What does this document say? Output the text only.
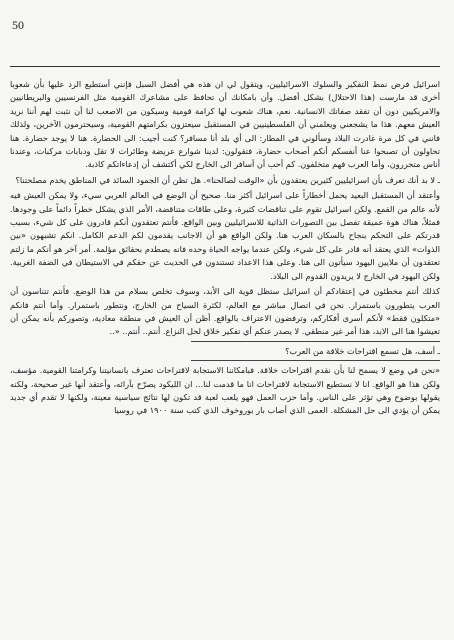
50

اسرائيل فرض نمط التفكير والسلوك الاسرائيليين، ويتقول لي ان هذه هي أفضل السبل فإنني أستطيع الرد عليها بأن شعوبا أخرى قد مارست (هذا الاحتلال) بشكل أفضل. وأن بامكانك أن تحافظ على مشاعرك القومية مثل الفرنسيين والبريطانيين والامريكيين دون أن تفقد صفاتك الانسانية. نعم، هناك شعوب لها كرامة قومية وسيكون من الاصعب لنا أن نثبت لهم أننا نريد العيش معهم. هذا ما يشجعني ويعلمني أن الفلسطينيين في المستقبل سيعتزون بكرامتهم القومية، وسيحترمون الآخرين، ولذلك فانني في كل مرة غادرت البلاد وسألوني في المطار: الى أي بلد أنا مسافر؟ كنت أجيب: الى الحضارة. هنا لا يوجد حضارة. هنا تحاولون أن تصبحوا عنا أنفسكم أنكم أصحاب حضارة، فتقولون: لدينا شوارع عريضة وطائرات لا تقل ودبابات مركبات، وعندنا أناس متحررون، وأما العرب فهم متخلفون. كم أحب أن أسافر الى الخارج لكي أكتشف أن إدعاءاتكم كاذبة.

ـ لا بد أنك تعرف بأن اسرائيليين كثيرين يعتقدون بأن «الوقت لصالحنا». هل تظن أن الجمود السائد في المناطق يخدم مصلحتنا؟

وأعتقد أن المستقبل البعيد يحمل أخطاراً على اسرائيل أكثر منا. صحيح أن الوضع في العالم العربي سيء، ولا يمكن العيش فيه لأنه عالم من القمع. ولكن اسرائيل تقوم على تناقضات كثيرة، وعلى طاقات متناقضة، الأمر الذي يشكل خطراً دائماً على وجودها. فمثلاً، هناك هوة عميقة تفصل بين التصورات الذاتية للاسرائيليين وبين الواقع. فأنتم تعتقدون أنكم قادرون على كل شيء، بسبب قدرتكم على التحكم بنجاح بالسكان العرب هنا. ولكن الواقع هو أن الاجانب يقدمون لكم الدعم الكامل. انكم تشبهون «بين الذوات» الذي يعتقد أنه قادر على كل شيء، ولكن عندما يواجه الحياة وحده فانه يصطدم بحقائق مؤلمة. أمر آخر هو أنكم ما زلتم تعتقدون أن ملايين اليهود سيأتون الى هنا. وعلى هذا الاعداد تستندون في الحديث عن حقكم في الاستيطان في الضفة الغربية. ولكن اليهود في الخارج لا يريدون القدوم الى البلاد.

كذلك أنتم مخطئون في إعتقادكم أن اسرائيل ستظل قوية الى الأبد، وسوف تخلص بسلام من هذا الوضع. فأنتم تتناسون أن العرب يتطورون باستمرار. نحن في اتصال مباشر مع العالم، لكثرة السياح من الخارج، ونتطور باستمرار. وأما أنتم فانكم «متكلون فقط» لأنكم أسرى أفكاركم، وترفضون الاعتراف بالواقع. أظن أن العيش في منطقة معادية، وتصوركم بأنه يمكن أن تعيشوا هنا الى الابد، هذا أمر غير منطقي. لا يصدر عنكم أي تفكير خلاق لحل النزاع. أنتم.. أنتم.. «..

ـ أسف، هل تسمع اقتراحات خلاقة من العرب؟

«نحن في وضع لا يسمح لنا بأن نقدم اقتراحات خلاقة. فبامكاننا الاستجابة لاقتراحات تعترف بانسانيتنا وكرامتنا القومية. مؤسف، ولكن هذا هو الواقع. انا لا نستطيع الاستجابة لاقتراحات انا ما قدمت لنا... ان الليكود يصرّح بآرائه، وأعتقد أنها غير صحيحة، ولكنه يقولها بوضوح وهي تؤثر على الناس. وأما حزب العمل فهو يلعب لعبة قد تكون لها نتائج سياسية معينة، ولكنها لا تقدم أي جديد يمكن أن يؤدي الى حل المشكلة. العمى الذي أصاب بار بوروخوف الذي كتب سنة ١٩٠٠ في روسيا
